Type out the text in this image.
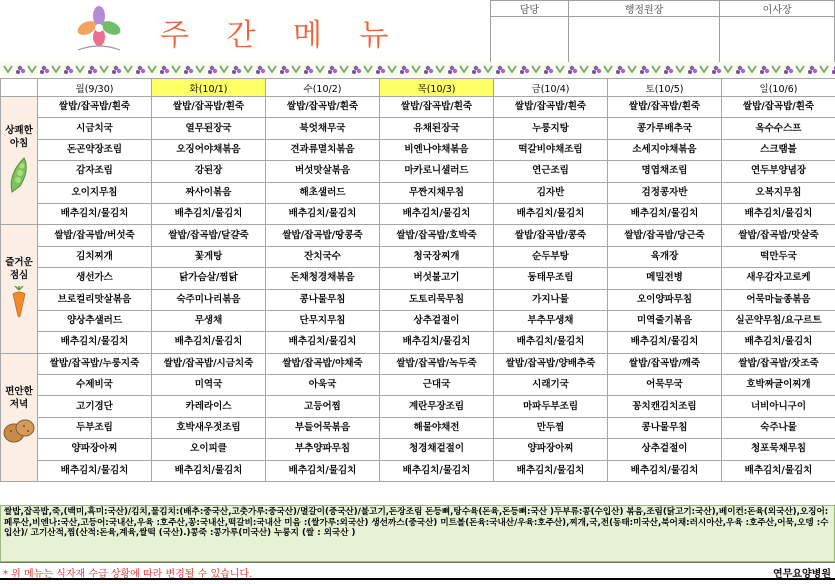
주 간 메 뉴
담당	행정원장	이사장

	월(9/30)	화(10/1)	수(10/2)	목(10/3)	금(10/4)	토(10/5)	일(10/6)

상쾌한
아침	쌀밥/잡곡밥/흰죽	쌀밥/잡곡밥/흰죽	쌀밥/잡곡밥/흰죽	쌀밥/잡곡밥/흰죽	쌀밥/잡곡밥/흰죽	쌀밥/잡곡밥/흰죽	쌀밥/잡곡밥/흰죽
	시금치국	열무된장국	북엇채무국	유채된장국	누룽지탕	콩가루배추국	옥수수스프
	돈곤약장조림	오징어야채볶음	견과류멸치볶음	비엔나야채볶음	떡갈비야채조림	소세지야채볶음	스크램블
	감자조림	강된장	버섯맛살볶음	마카로니샐러드	연근조림	명엽채조림	연두부양념장
	오이지무침	짜사이볶음	해초샐러드	무짠지채무침	김자반	검정콩자반	오복지무침
	배추김치/물김치	배추김치/물김치	배추김치/물김치	배추김치/물김치	배추김치/물김치	배추김치/물김치	배추김치/물김치

즐거운
점심	쌀밥/잡곡밥/버섯죽	쌀밥/잡곡밥/달걀죽	쌀밥/잡곡밥/땅콩죽	쌀밥/잡곡밥/호박죽	쌀밥/잡곡밥/콩죽	쌀밥/잡곡밥/당근죽	쌀밥/잡곡밥/맛살죽
	김치찌개	꽃게탕	잔치국수	청국장찌개	순두부탕	육개장	떡만두국
	생선가스	닭가슴살/찜닭	돈채청경채볶음	버섯불고기	동태무조림	메밀전병	새우감자고로케
	브로컬리맛살볶음	숙주미나리볶음	콩나물무침	도토리묵무침	가지나물	오이양파무침	어묵마늘종볶음
	양상추샐러드	무생채	단무지무침	상추겉절이	부추무생채	미역줄기볶음	실곤약무침/요구르트
	배추김치/물김치	배추김치/물김치	배추김치/물김치	배추김치/물김치	배추김치/물김치	배추김치/물김치	배추김치/물김치

편안한
저녁	쌀밥/잡곡밥/누룽지죽	쌀밥/잡곡밥/시금치죽	쌀밥/잡곡밥/야채죽	쌀밥/잡곡밥/녹두죽	쌀밥/잡곡밥/양배추죽	쌀밥/잡곡밥/깨죽	쌀밥/잡곡밥/잣조죽
	수제비국	미역국	아욱국	근대국	시래기국	어묵무국	호박짜글이찌개
	고기경단	카레라이스	고등어찜	계란무장조림	마파두부조림	꽁치캔김치조림	너비아니구이
	두부조림	호박새우젓조림	부들어묵볶음	해물야채전	만두찜	콩나물무침	숙주나물
	양파장아찌	오이피클	부추양파무침	청경채겉절이	양파장아찌	상추겉절이	청포묵채무침
	배추김치/물김치	배추김치/물김치	배추김치/물김치	배추김치/물김치	배추김치/물김치	배추김치/물김치	배추김치/물김치
쌀밥,잡곡밥,죽,(백미,흑미:국산)/김치,물김치:(배추:중국산,고춧가루:중국산)/멸갈이(중국산)/불고기,돈장조림 돈등뼈,탕수육(돈육,돈등뼈:국산 )두부류:콩(수입산) 볶음,조림(닭고기:국산),베이컨:돈육(외국산),오징어:페루산,비엔나:국산,고등어:국내산,우육 :호주산,꽁:국내산,떡갈비:국내산 미음 :(쌀가루:외국산) 생선까스(중국산) 미트볼(돈육:국내산/우육:호주산),찌개,국,전(동태:미국산,북어채:러시아산,우육 :호주산,어묵,오뎅 :수입산)/ 고기산적,찜(산적:돈육,계육,쌀떡 (국산).)콩죽 :콩가루(미국산) 누룽지 (쌀 : 외국산 )
* 위 메뉴는 식자재 수급 상황에 따라 변경될 수 있습니다.	연무요양병원
